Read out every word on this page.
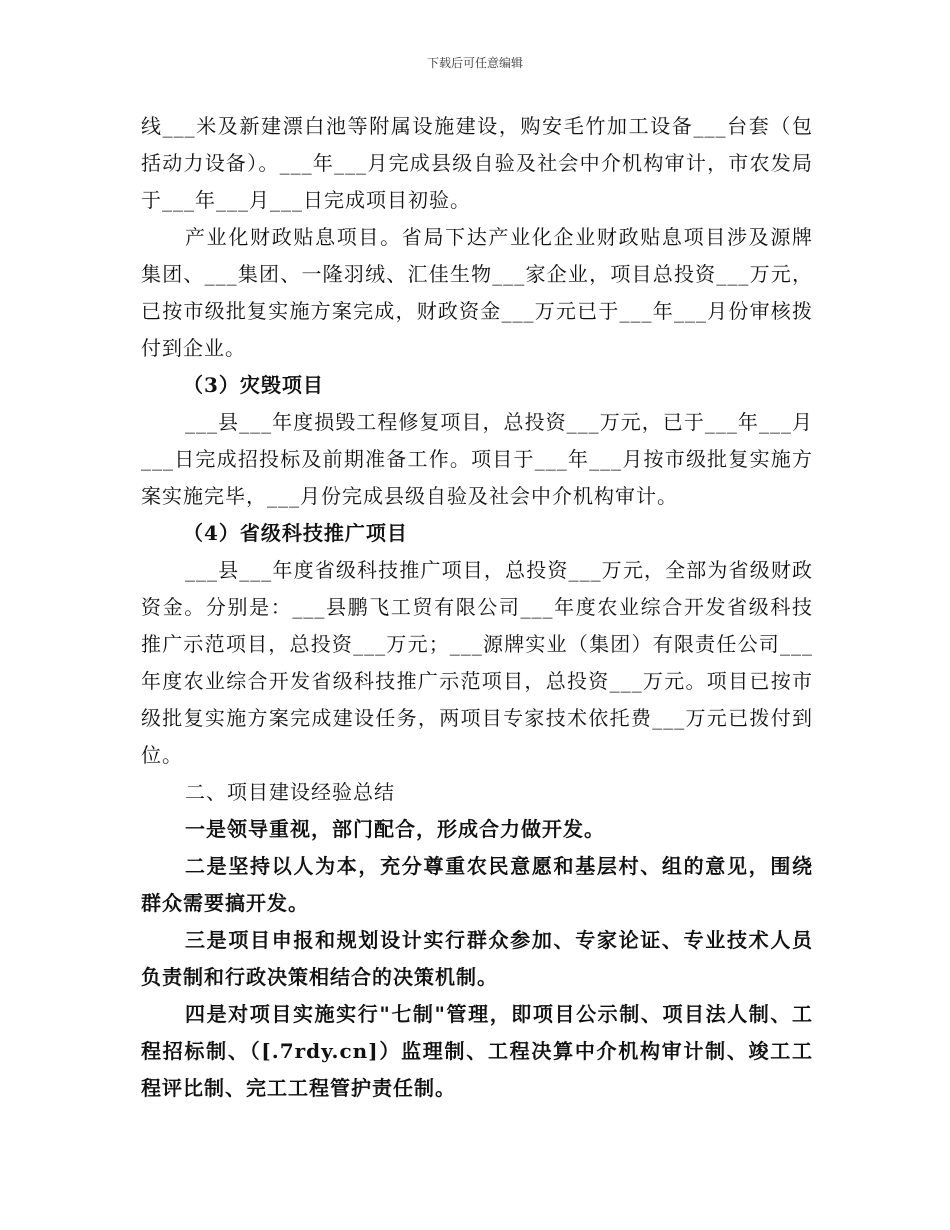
下载后可任意编辑

线___米及新建漂白池等附属设施建设，购安毛竹加工设备___台套（包括动力设备）。___年___月完成县级自验及社会中介机构审计，市农发局于___年___月___日完成项目初验。

产业化财政贴息项目。省局下达产业化企业财政贴息项目涉及源牌集团、___集团、一隆羽绒、汇佳生物___家企业，项目总投资___万元，已按市级批复实施方案完成，财政资金___万元已于___年___月份审核拨付到企业。

（3）灾毁项目

___县___年度损毁工程修复项目，总投资___万元，已于___年___月___日完成招投标及前期准备工作。项目于___年___月按市级批复实施方案实施完毕，___月份完成县级自验及社会中介机构审计。

（4）省级科技推广项目

___县___年度省级科技推广项目，总投资___万元，全部为省级财政资金。分别是：___县鹏飞工贸有限公司___年度农业综合开发省级科技推广示范项目，总投资___万元；___源牌实业（集团）有限责任公司___年度农业综合开发省级科技推广示范项目，总投资___万元。项目已按市级批复实施方案完成建设任务，两项目专家技术依托费___万元已拨付到位。

二、项目建设经验总结

一是领导重视，部门配合，形成合力做开发。

二是坚持以人为本，充分尊重农民意愿和基层村、组的意见，围绕群众需要搞开发。

三是项目申报和规划设计实行群众参加、专家论证、专业技术人员负责制和行政决策相结合的决策机制。

四是对项目实施实行"七制"管理，即项目公示制、项目法人制、工程招标制、（[.7rdy.cn]）监理制、工程决算中介机构审计制、竣工工程评比制、完工工程管护责任制。
